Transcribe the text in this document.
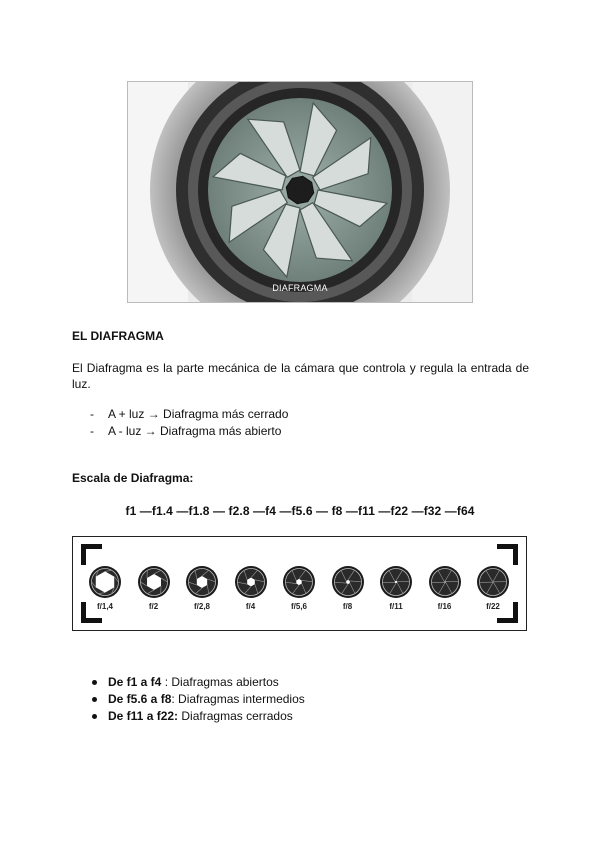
DIAFRAGMA
EL DIAFRAGMA
El Diafragma es la parte mecánica de la cámara que controla y regula la entrada de luz.
- A + luz → Diafragma más cerrado
- A - luz → Diafragma más abierto
Escala de Diafragma:
f1 —f1.4 —f1.8 — f2.8 —f4 —f5.6 — f8 —f11 —f22 —f32 —f64
f/1,4	f/2	f/2,8	f/4	f/5,6	f/8	f/11	f/16	f/22
De f1 a f4 : Diafragmas abiertos
De f5.6 a f8: Diafragmas intermedios
De f11 a f22: Diafragmas cerrados
